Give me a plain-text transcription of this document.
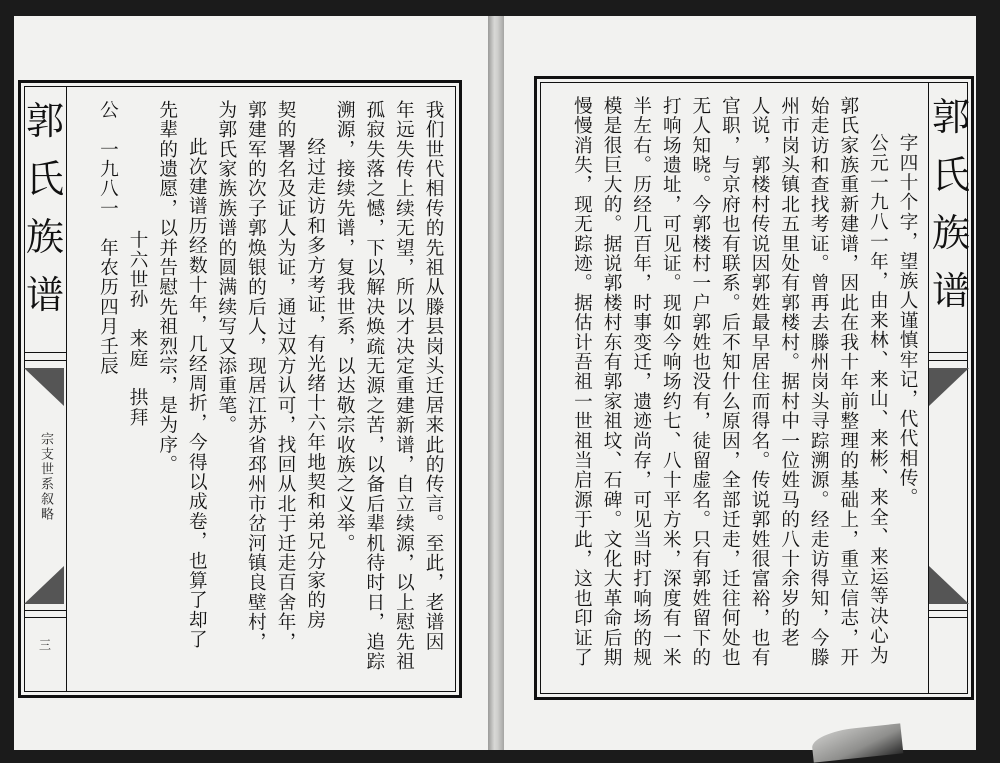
郭
氏
族
谱
宗支世系叙略
三	我们世代相传的先祖从滕县岗头迁居来此的传言。至此，老谱因

年远失传上续无望，所以才决定重建新谱，自立续源，以上慰先祖

孤寂失落之憾，下以解决焕疏无源之苦，以备后辈机待时日，追踪

溯源，接续先谱，复我世系，以达敬宗收族之义举。

经过走访和多方考证，有光绪十六年地契和弟兄分家的房

契的署名及证人为证，通过双方认可，找回从北于迁走百舍年，

郭建军的次子郭焕银的后人，现居江苏省邳州市岔河镇良壁村，

为郭氏家族族谱的圆满续写又添重笔。

此次建谱历经数十年，几经周折，今得以成卷，也算了却了

先辈的遗愿，以并告慰先祖烈宗，是为序。

十六世孙　来庭　拱拜

公　一九八一　年农历四月壬辰	郭
氏
族
谱

字四十个字，望族人谨慎牢记，代代相传。

公元一九八一年，由来林、来山、来彬、来全、来运等决心为

郭氏家族重新建谱，因此在我十年前整理的基础上，重立信志，开

始走访和查找考证。曾再去滕州岗头寻踪溯源。经走访得知，今滕

州市岗头镇北五里处有郭楼村。据村中一位姓马的八十余岁的老

人说，郭楼村传说因郭姓最早居住而得名。传说郭姓很富裕，也有

官职，与京府也有联系。后不知什么原因，全部迁走，迁往何处也

无人知晓。今郭楼村一户郭姓也没有，徒留虚名。只有郭姓留下的

打响场遗址，可见证。现如今响场约七、八十平方米，深度有一米

半左右。历经几百年，时事变迁，遗迹尚存，可见当时打响场的规

模是很巨大的。据说郭楼村东有郭家祖坟、石碑。文化大革命后期

慢慢消失，现无踪迹。据估计吾祖一世祖当启源于此，这也印证了
